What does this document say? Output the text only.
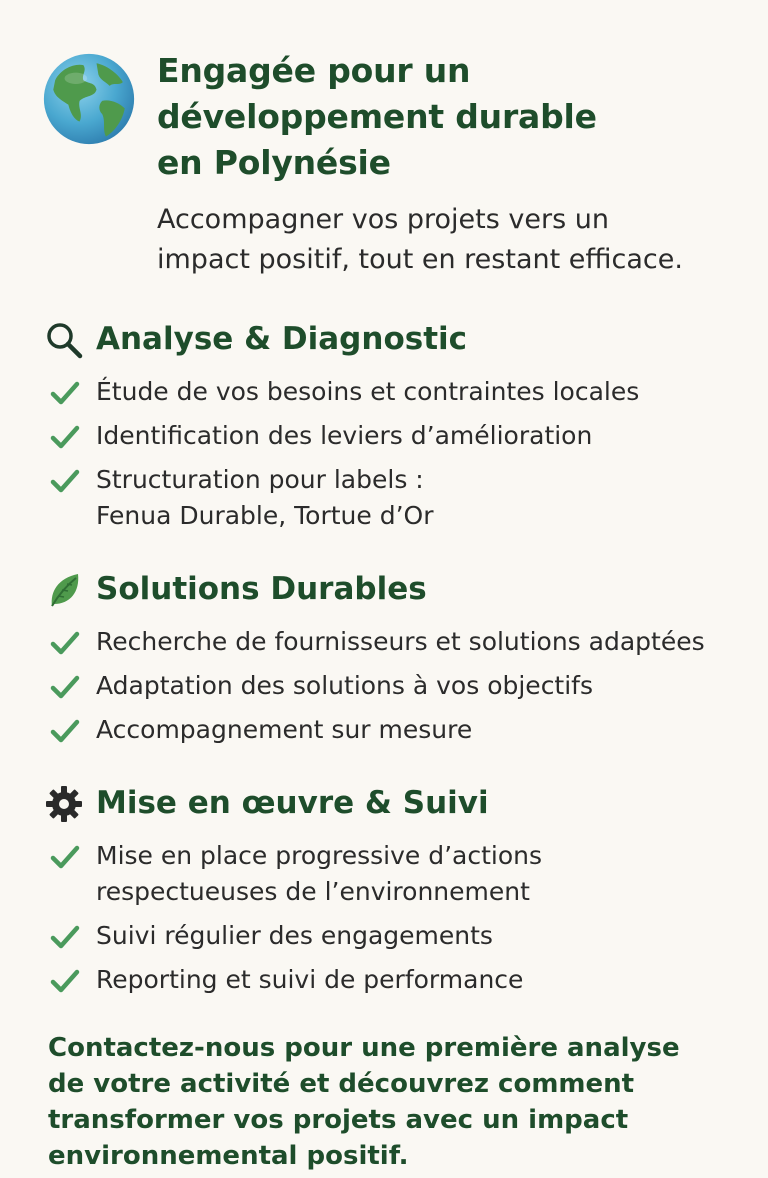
Engagée pour un
développement durable
en Polynésie

Accompagner vos projets vers un
impact positif, tout en restant efficace.

Analyse & Diagnostic
Étude de vos besoins et contraintes locales
Identification des leviers d’amélioration
Structuration pour labels :
Fenua Durable, Tortue d’Or
Solutions Durables
Recherche de fournisseurs et solutions adaptées
Adaptation des solutions à vos objectifs
Accompagnement sur mesure
Mise en œuvre & Suivi
Mise en place progressive d’actions
respectueuses de l’environnement
Suivi régulier des engagements
Reporting et suivi de performance

Contactez-nous pour une première analyse
de votre activité et découvrez comment
transformer vos projets avec un impact
environnemental positif.
